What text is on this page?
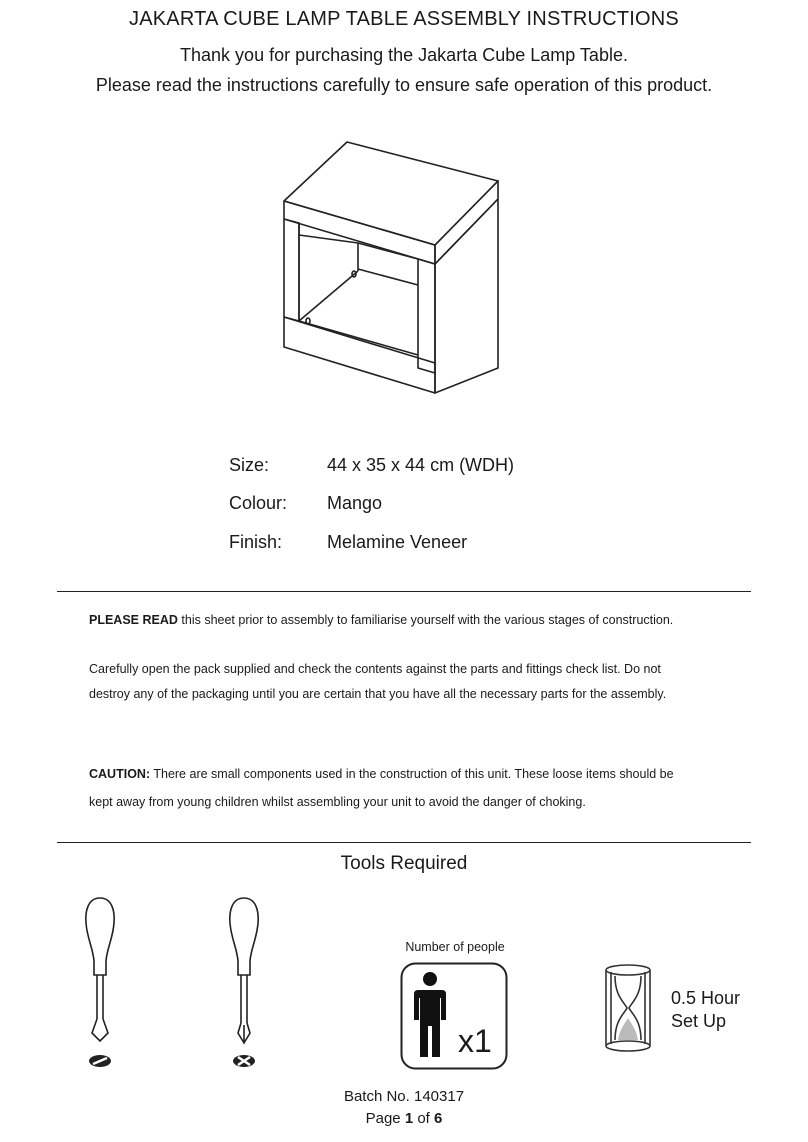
JAKARTA CUBE LAMP TABLE ASSEMBLY INSTRUCTIONS
Thank you for purchasing the Jakarta Cube Lamp Table.
Please read the instructions carefully to ensure safe operation of this product.
Size:	44 x 35 x 44 cm (WDH)
Colour: Mango
Finish: Melamine Veneer
PLEASE READ this sheet prior to assembly to familiarise yourself with the various stages of construction.
Carefully open the pack supplied and check the contents against the parts and fittings check list. Do not
destroy any of the packaging until you are certain that you have all the necessary parts for the assembly.
CAUTION: There are small components used in the construction of this unit. These loose items should be
kept away from young children whilst assembling your unit to avoid the danger of choking.
Tools Required
Number of people
x1
0.5 Hour
Set Up
Batch No. 140317
Page 1 of 6
